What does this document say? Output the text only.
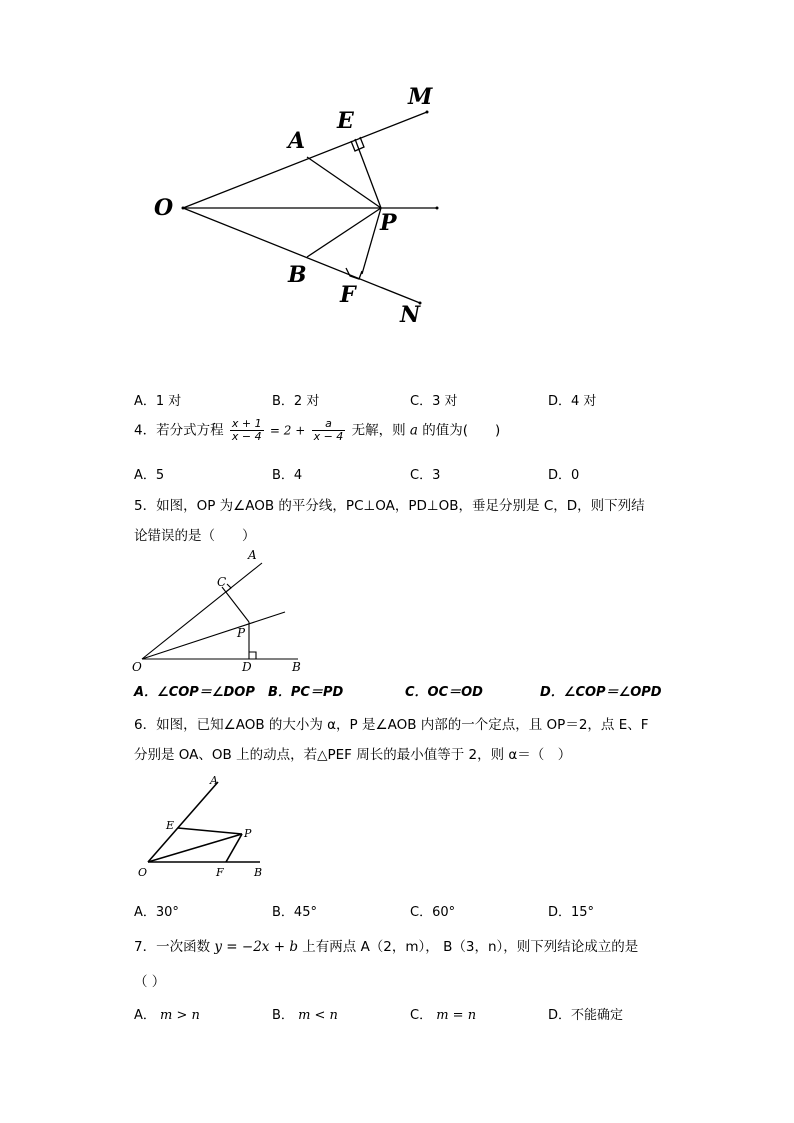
M
E
A
O
P
B
F
N
A．1 对	B．2 对	C．3 对	D．4 对
4．若分式方程 $\frac{x + 1}{x - 4} = 2 + \frac{a}{x - 4}$ 无解，则 a 的值为(　　)
A．5	B．4	C．3	D．0
5．如图，OP 为∠AOB 的平分线，PC⊥OA，PD⊥OB，垂足分别是 C，D，则下列结
论错误的是（　　）
A
C
P
O	D	B
A．∠COP＝∠DOP B．PC＝PD	C．OC＝OD	D．∠COP＝∠OPD
6．如图，已知∠AOB 的大小为 α，P 是∠AOB 内部的一个定点，且 OP＝2，点 E、F
分别是 OA、OB 上的动点，若△PEF 周长的最小值等于 2，则 α＝（　）
A
E
P
O	F	B
A．30°	B．45°	C．60°	D．15°
7．一次函数 y = −2x + b 上有两点 A（2，m）， B（3，n），则下列结论成立的是
（ ）
A． m > n	B． m < n	C． m = n	D．不能确定
